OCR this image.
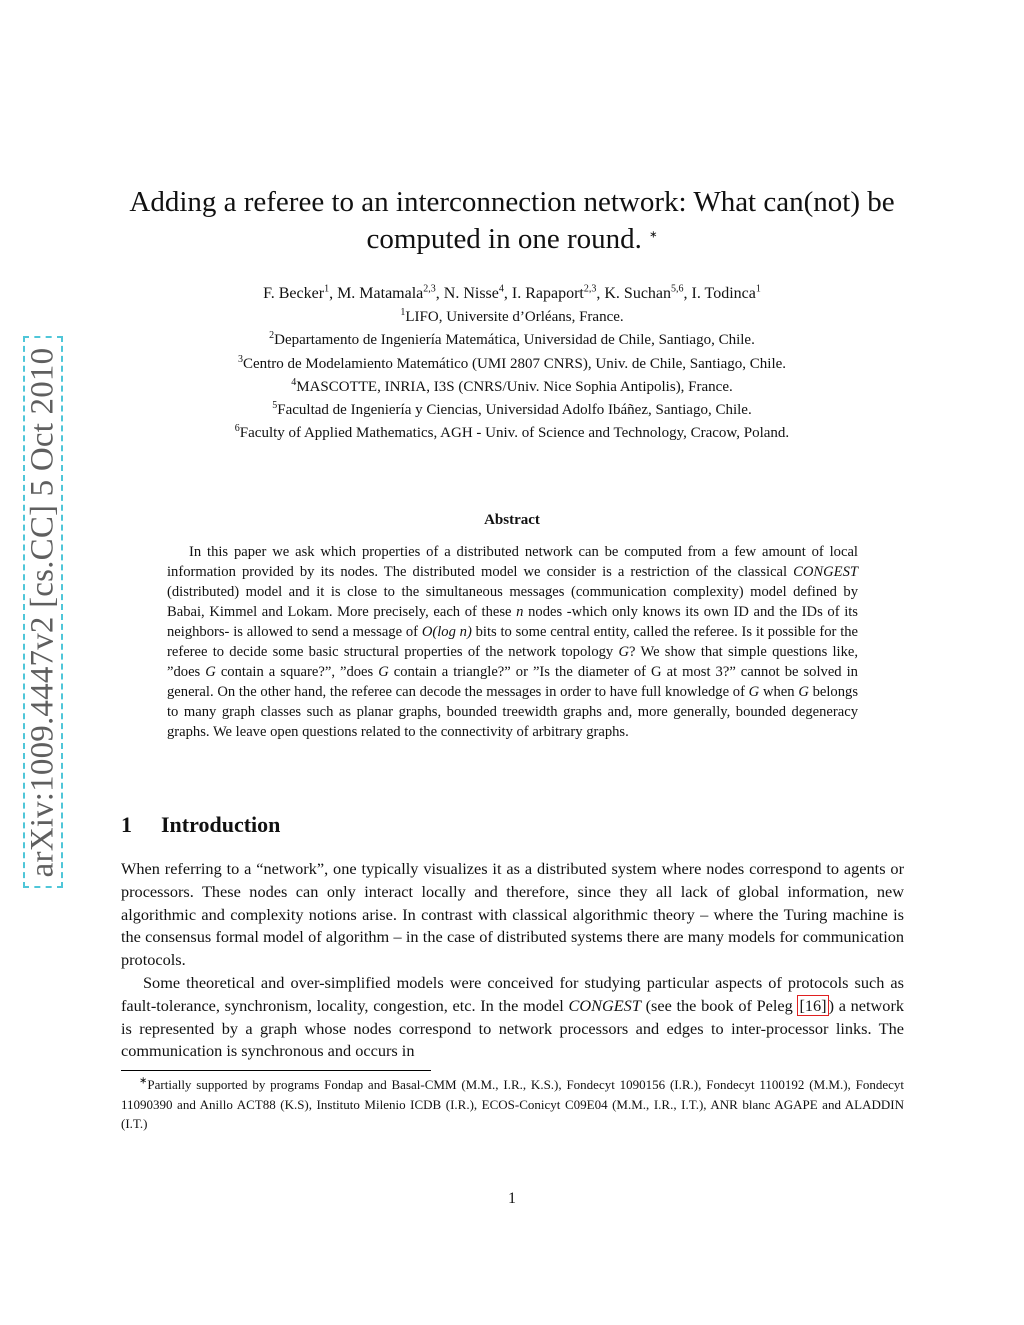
arXiv:1009.4447v2 [cs.CC] 5 Oct 2010
Adding a referee to an interconnection network: What can(not) be
computed in one round. ∗
F. Becker$^1$, M. Matamala$^{2,3}$, N. Nisse$^4$, I. Rapaport$^{2,3}$, K. Suchan$^{5,6}$, I. Todinca$^1$
$^1$LIFO, Universite d’Orléans, France.
$^2$Departamento de Ingeniería Matemática, Universidad de Chile, Santiago, Chile.
$^3$Centro de Modelamiento Matemático (UMI 2807 CNRS), Univ. de Chile, Santiago, Chile.
$^4$MASCOTTE, INRIA, I3S (CNRS/Univ. Nice Sophia Antipolis), France.
$^5$Facultad de Ingeniería y Ciencias, Universidad Adolfo Ibáñez, Santiago, Chile.
$^6$Faculty of Applied Mathematics, AGH - Univ. of Science and Technology, Cracow, Poland.
Abstract

In this paper we ask which properties of a distributed network can be computed from a few amount of local information provided by its nodes. The distributed model we consider is a restriction of the classical CONGEST (distributed) model and it is close to the simultaneous messages (communication complexity) model defined by Babai, Kimmel and Lokam. More precisely, each of these n nodes -which only knows its own ID and the IDs of its neighbors- is allowed to send a message of O(log n) bits to some central entity, called the referee. Is it possible for the referee to decide some basic structural properties of the network topology G? We show that simple questions like, ”does G contain a square?”, ”does G contain a triangle?” or ”Is the diameter of G at most 3?” cannot be solved in general. On the other hand, the referee can decode the messages in order to have full knowledge of G when G belongs to many graph classes such as planar graphs, bounded treewidth graphs and, more generally, bounded degeneracy graphs. We leave open questions related to the connectivity of arbitrary graphs.

1 Introduction

When referring to a “network”, one typically visualizes it as a distributed system where nodes correspond to agents or processors. These nodes can only interact locally and therefore, since they all lack of global information, new algorithmic and complexity notions arise. In contrast with classical algorithmic theory – where the Turing machine is the consensus formal model of algorithm – in the case of distributed systems there are many models for communication protocols.

Some theoretical and over-simplified models were conceived for studying particular aspects of protocols such as fault-tolerance, synchronism, locality, congestion, etc. In the model CONGEST (see the book of Peleg [16] ) a network is represented by a graph whose nodes correspond to network processors and edges to inter-processor links. The communication is synchronous and occurs in

∗Partially supported by programs Fondap and Basal-CMM (M.M., I.R., K.S.), Fondecyt 1090156 (I.R.), Fondecyt 1100192 (M.M.), Fondecyt 11090390 and Anillo ACT88 (K.S), Instituto Milenio ICDB (I.R.), ECOS-Conicyt C09E04 (M.M., I.R., I.T.), ANR blanc AGAPE and ALADDIN (I.T.)

1
